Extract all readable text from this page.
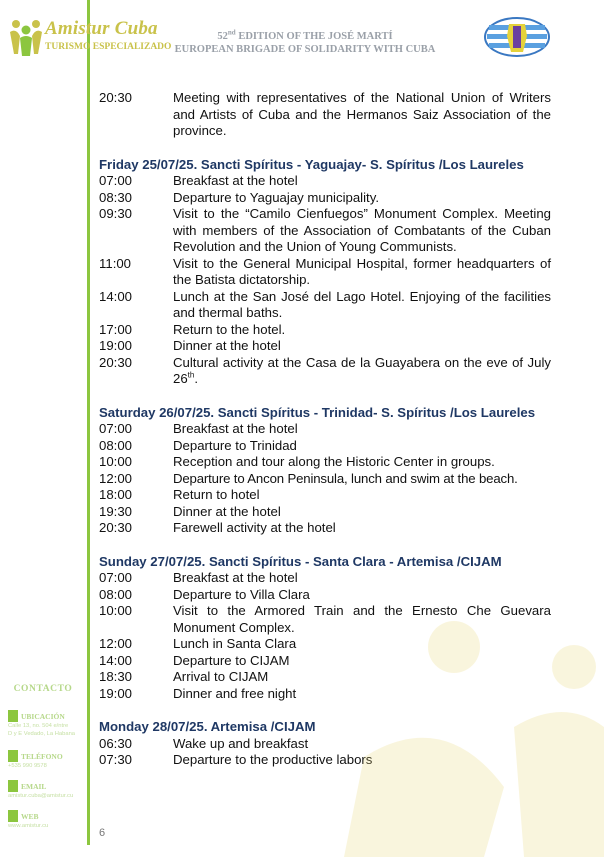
Amistur Cuba
TURISMO ESPECIALIZADO
52nd EDITION OF THE JOSÉ MARTÍ
EUROPEAN BRIGADE OF SOLIDARITY WITH CUBA
20:30	Meeting with representatives of the National Union of Writers and Artists of Cuba and the Hermanos Saiz Association of the province.
Friday 25/07/25. Sancti Spíritus - Yaguajay- S. Spíritus /Los Laureles
07:00	Breakfast at the hotel
08:30	Departure to Yaguajay municipality.
09:30	Visit to the “Camilo Cienfuegos” Monument Complex. Meeting with members of the Association of Combatants of the Cuban Revolution and the Union of Young Communists.
11:00	Visit to the General Municipal Hospital, former headquarters of the Batista dictatorship.
14:00	Lunch at the San José del Lago Hotel. Enjoying of the facilities and thermal baths.
17:00	Return to the hotel.
19:00	Dinner at the hotel
20:30	Cultural activity at the Casa de la Guayabera on the eve of July 26th.
Saturday 26/07/25. Sancti Spíritus - Trinidad- S. Spíritus /Los Laureles
07:00	Breakfast at the hotel
08:00	Departure to Trinidad
10:00	Reception and tour along the Historic Center in groups.
12:00	Departure to Ancon Peninsula, lunch and swim at the beach.
18:00	Return to hotel
19:30	Dinner at the hotel
20:30	Farewell activity at the hotel
Sunday 27/07/25. Sancti Spíritus - Santa Clara - Artemisa /CIJAM
07:00	Breakfast at the hotel
08:00	Departure to Villa Clara
10:00	Visit to the Armored Train and the Ernesto Che Guevara Monument Complex.
12:00	Lunch in Santa Clara
14:00	Departure to CIJAM
18:30	Arrival to CIJAM
19:00	Dinner and free night
Monday 28/07/25. Artemisa /CIJAM
06:30	Wake up and breakfast
07:30	Departure to the productive labors
CONTACTO
UBICACIÓN
Calle 13, no. 504 e/ntre
D y E Vedado, La Habana
TELÉFONO
+535 990 9578
EMAIL
amistur.cuba@amistur.cu
WEB
www.amistur.cu
6
